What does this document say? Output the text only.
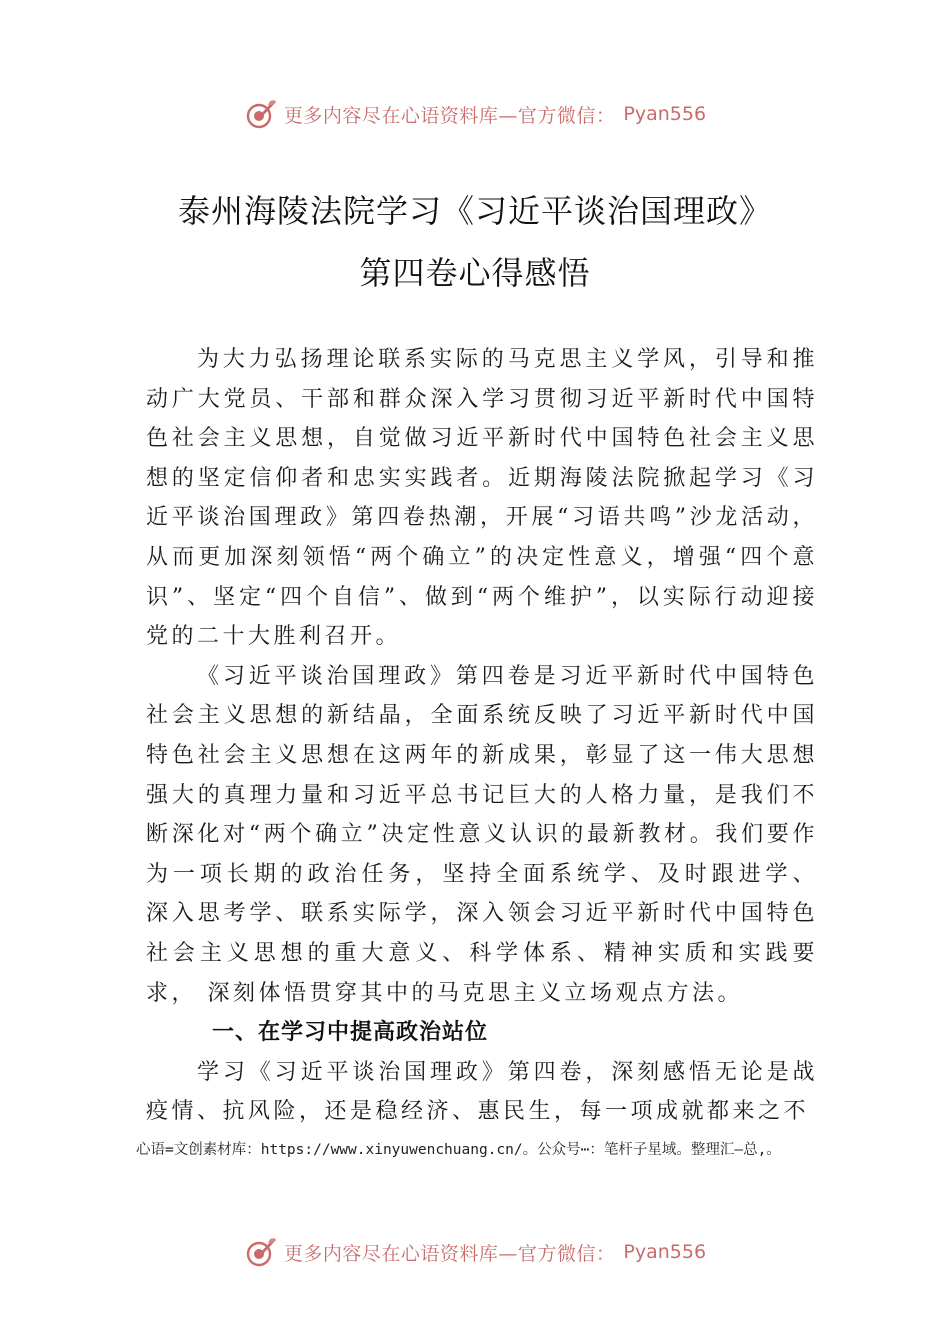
更多内容尽在心语资料库—官方微信： Pyan556
泰州海陵法院学习《习近平谈治国理政》
第四卷心得感悟

为大力弘扬理论联系实际的马克思主义学风，引导和推动广大党员、干部和群众深入学习贯彻习近平新时代中国特色社会主义思想，自觉做习近平新时代中国特色社会主义思想的坚定信仰者和忠实实践者。近期海陵法院掀起学习《习近平谈治国理政》第四卷热潮，开展“习语共鸣”沙龙活动，从而更加深刻领悟“两个确立”的决定性意义，增强“四个意识”、坚定“四个自信”、做到“两个维护”，以实际行动迎接党的二十大胜利召开。

《习近平谈治国理政》第四卷是习近平新时代中国特色社会主义思想的新结晶，全面系统反映了习近平新时代中国特色社会主义思想在这两年的新成果，彰显了这一伟大思想强大的真理力量和习近平总书记巨大的人格力量，是我们不断深化对“两个确立”决定性意义认识的最新教材。我们要作为一项长期的政治任务，坚持全面系统学、及时跟进学、 深入思考学、联系实际学，深入领会习近平新时代中国特色社会主义思想的重大意义、科学体系、精神实质和实践要求， 深刻体悟贯穿其中的马克思主义立场观点方法。

一、在学习中提高政治站位

学习《习近平谈治国理政》第四卷，深刻感悟无论是战疫情、抗风险，还是稳经济、惠民生，每一项成就都来之不

心语=文创素材库：https://www.xinyuwenchuang.cn/。公众号⋯：笔杆子星域。整理汇—总,。

更多内容尽在心语资料库—官方微信： Pyan556
